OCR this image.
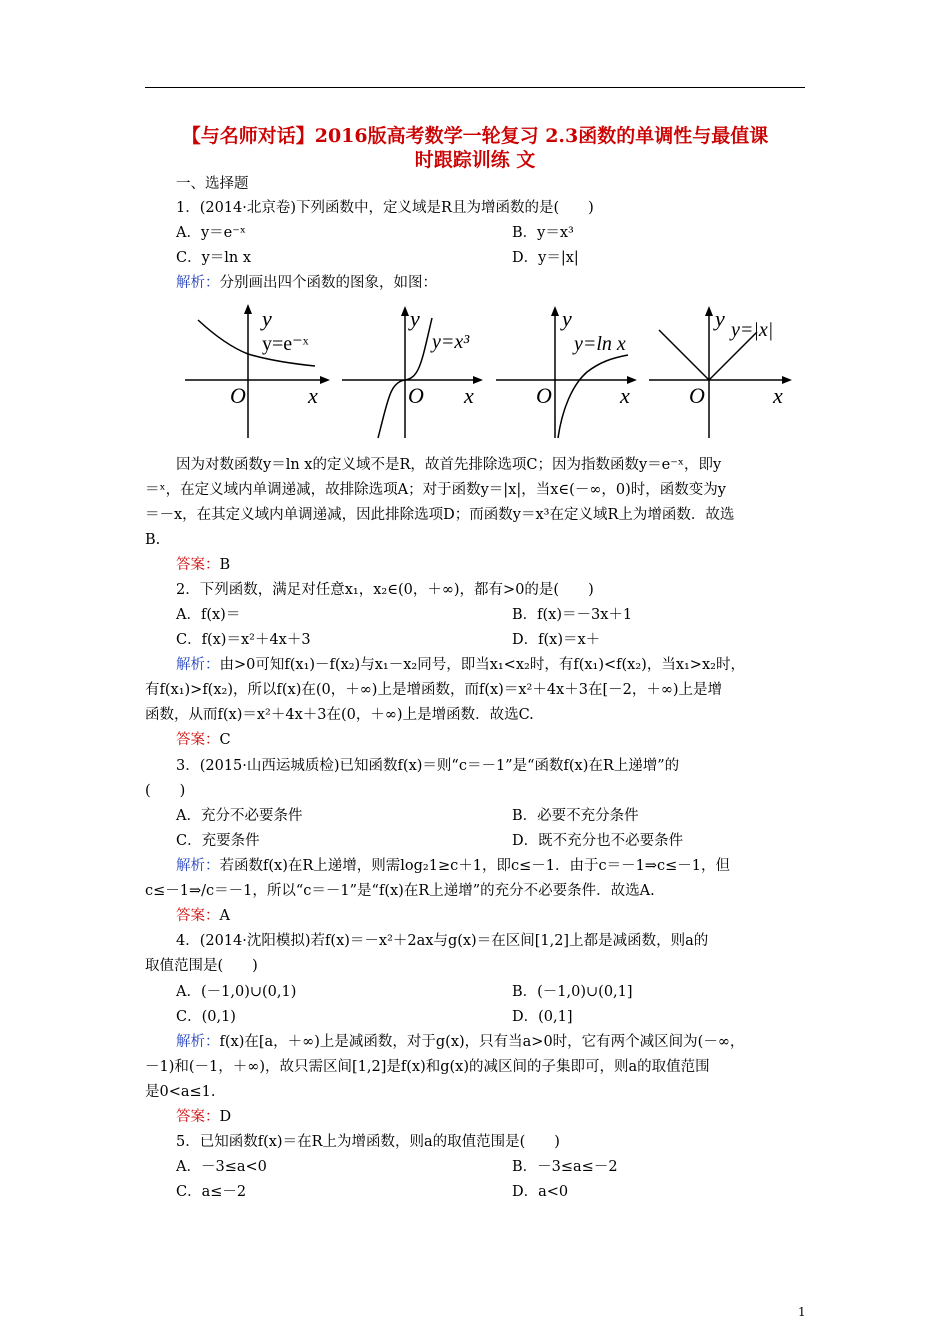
【与名师对话】2016版高考数学一轮复习 2.3函数的单调性与最值课
时跟踪训练 文
一、选择题
1．(2014·北京卷)下列函数中，定义域是R且为增函数的是(　　)
A．y＝e⁻ˣ	B．y＝x³
C．y＝ln x	D．y＝|x|
解析：分别画出四个函数的图象，如图：
y
y=e⁻ˣ
O	x
y
y=x³
O x
y
y=ln x
O	x
y y=|x|
O	x
因为对数函数y＝ln x的定义域不是R，故首先排除选项C；因为指数函数y＝e⁻ˣ，即y
＝ˣ，在定义域内单调递减，故排除选项A；对于函数y＝|x|，当x∈(－∞，0)时，函数变为y
＝－x，在其定义域内单调递减，因此排除选项D；而函数y＝x³在定义域R上为增函数．故选
B.
答案：B
2．下列函数，满足对任意x₁，x₂∈(0，＋∞)，都有>0的是(　　)
A．f(x)＝	B．f(x)＝－3x＋1
C．f(x)＝x²＋4x＋3	D．f(x)＝x＋
解析：由>0可知f(x₁)－f(x₂)与x₁－x₂同号，即当x₁<x₂时，有f(x₁)<f(x₂)，当x₁>x₂时，
有f(x₁)>f(x₂)，所以f(x)在(0，＋∞)上是增函数，而f(x)＝x²＋4x＋3在[－2，＋∞)上是增
函数，从而f(x)＝x²＋4x＋3在(0，＋∞)上是增函数．故选C.
答案：C
3．(2015·山西运城质检)已知函数f(x)＝则“c＝－1”是“函数f(x)在R上递增”的
(　　)
A．充分不必要条件	B．必要不充分条件
C．充要条件	D．既不充分也不必要条件
解析：若函数f(x)在R上递增，则需log₂1≥c＋1，即c≤－1．由于c＝－1⇒c≤－1，但
c≤－1⇒/c＝－1，所以“c＝－1”是“f(x)在R上递增”的充分不必要条件．故选A.
答案：A
4．(2014·沈阳模拟)若f(x)＝－x²＋2ax与g(x)＝在区间[1,2]上都是减函数，则a的
取值范围是(　　)
A．(－1,0)∪(0,1)	B．(－1,0)∪(0,1]
C．(0,1)	D．(0,1]
解析：f(x)在[a，＋∞)上是减函数，对于g(x)，只有当a>0时，它有两个减区间为(－∞，
－1)和(－1，＋∞)，故只需区间[1,2]是f(x)和g(x)的减区间的子集即可，则a的取值范围
是0<a≤1.
答案：D
5．已知函数f(x)＝在R上为增函数，则a的取值范围是(　　)
A．－3≤a<0	B．－3≤a≤－2
C．a≤－2	D．a<0
1
